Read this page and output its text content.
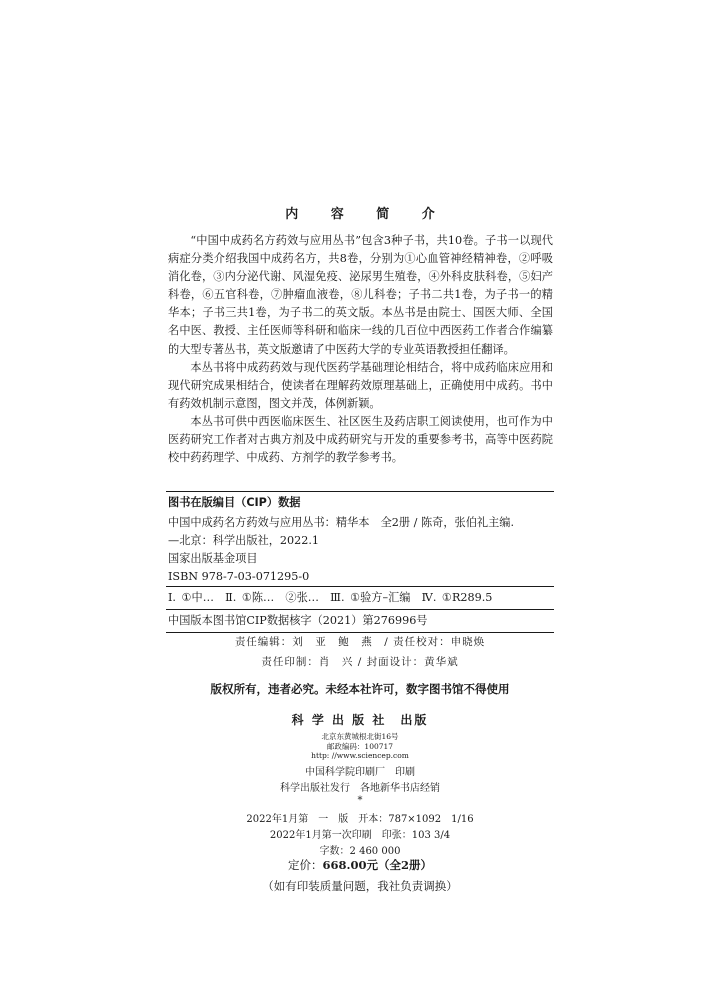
内 容 简 介

“中国中成药名方药效与应用丛书”包含3种子书，共10卷。子书一以现代病症分类介绍我国中成药名方，共8卷，分别为①心血管神经精神卷，②呼吸消化卷，③内分泌代谢、风湿免疫、泌尿男生殖卷，④外科皮肤科卷，⑤妇产科卷，⑥五官科卷，⑦肿瘤血液卷，⑧儿科卷；子书二共1卷，为子书一的精华本；子书三共1卷，为子书二的英文版。本丛书是由院士、国医大师、全国名中医、教授、主任医师等科研和临床一线的几百位中西医药工作者合作编纂的大型专著丛书，英文版邀请了中医药大学的专业英语教授担任翻译。

本丛书将中成药药效与现代医药学基础理论相结合，将中成药临床应用和现代研究成果相结合，使读者在理解药效原理基础上，正确使用中成药。书中有药效机制示意图，图文并茂，体例新颖。

本丛书可供中西医临床医生、社区医生及药店职工阅读使用，也可作为中医药研究工作者对古典方剂及中成药研究与开发的重要参考书，高等中医药院校中药药理学、中成药、方剂学的教学参考书。

图书在版编目（CIP）数据
中国中成药名方药效与应用丛书：精华本　全2册 / 陈奇，张伯礼主编.
—北京：科学出版社，2022.1
国家出版基金项目
ISBN 978-7-03-071295-0
Ⅰ. ①中…　Ⅱ. ①陈…　②张…　Ⅲ. ①验方–汇编　Ⅳ. ①R289.5
中国版本图书馆CIP数据核字（2021）第276996号
责任编辑：刘　亚　鲍　燕　/ 责任校对：申晓焕
责任印制：肖　兴 / 封面设计：黄华斌
版权所有，违者必究。未经本社许可，数字图书馆不得使用
科 学 出 版 社　出版
北京东黄城根北街16号
邮政编码：100717
http: //www.sciencep.com
中国科学院印刷厂　印刷
科学出版社发行　各地新华书店经销
*
2022年1月第　一　版　开本：787×1092　1/16
2022年1月第一次印刷　印张：103 3/4
字数：2 460 000
定价：668.00元（全2册）
（如有印装质量问题，我社负责调换）
